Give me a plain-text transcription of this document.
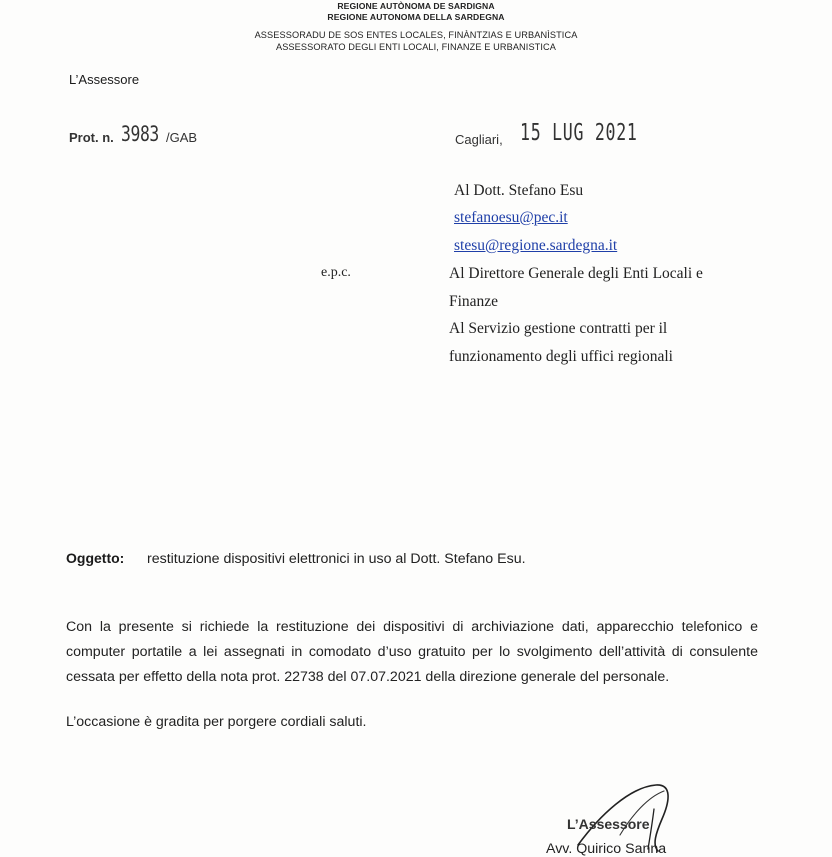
REGIONE AUTÒNOMA DE SARDIGNA
REGIONE AUTONOMA DELLA SARDEGNA
ASSESSORADU DE SOS ENTES LOCALES, FINÀNTZIAS E URBANÌSTICA
ASSESSORATO DEGLI ENTI LOCALI, FINANZE E URBANISTICA
L’Assessore
Prot. n. 3983 /GAB	Cagliari, 15 LUG 2021
Al Dott. Stefano Esu
stefanoesu@pec.it
stesu@regione.sardegna.it
e.p.c.	Al Direttore Generale degli Enti Locali e
Finanze
Al Servizio gestione contratti per il
funzionamento degli uffici regionali
Oggetto: restituzione dispositivi elettronici in uso al Dott. Stefano Esu.
Con la presente si richiede la restituzione dei dispositivi di archiviazione dati, apparecchio telefonico e
computer portatile a lei assegnati in comodato d’uso gratuito per lo svolgimento dell’attività di consulente
cessata per effetto della nota prot. 22738 del 07.07.2021 della direzione generale del personale.
L’occasione è gradita per porgere cordiali saluti.
L’Assessore
Avv. Quirico Sanna
